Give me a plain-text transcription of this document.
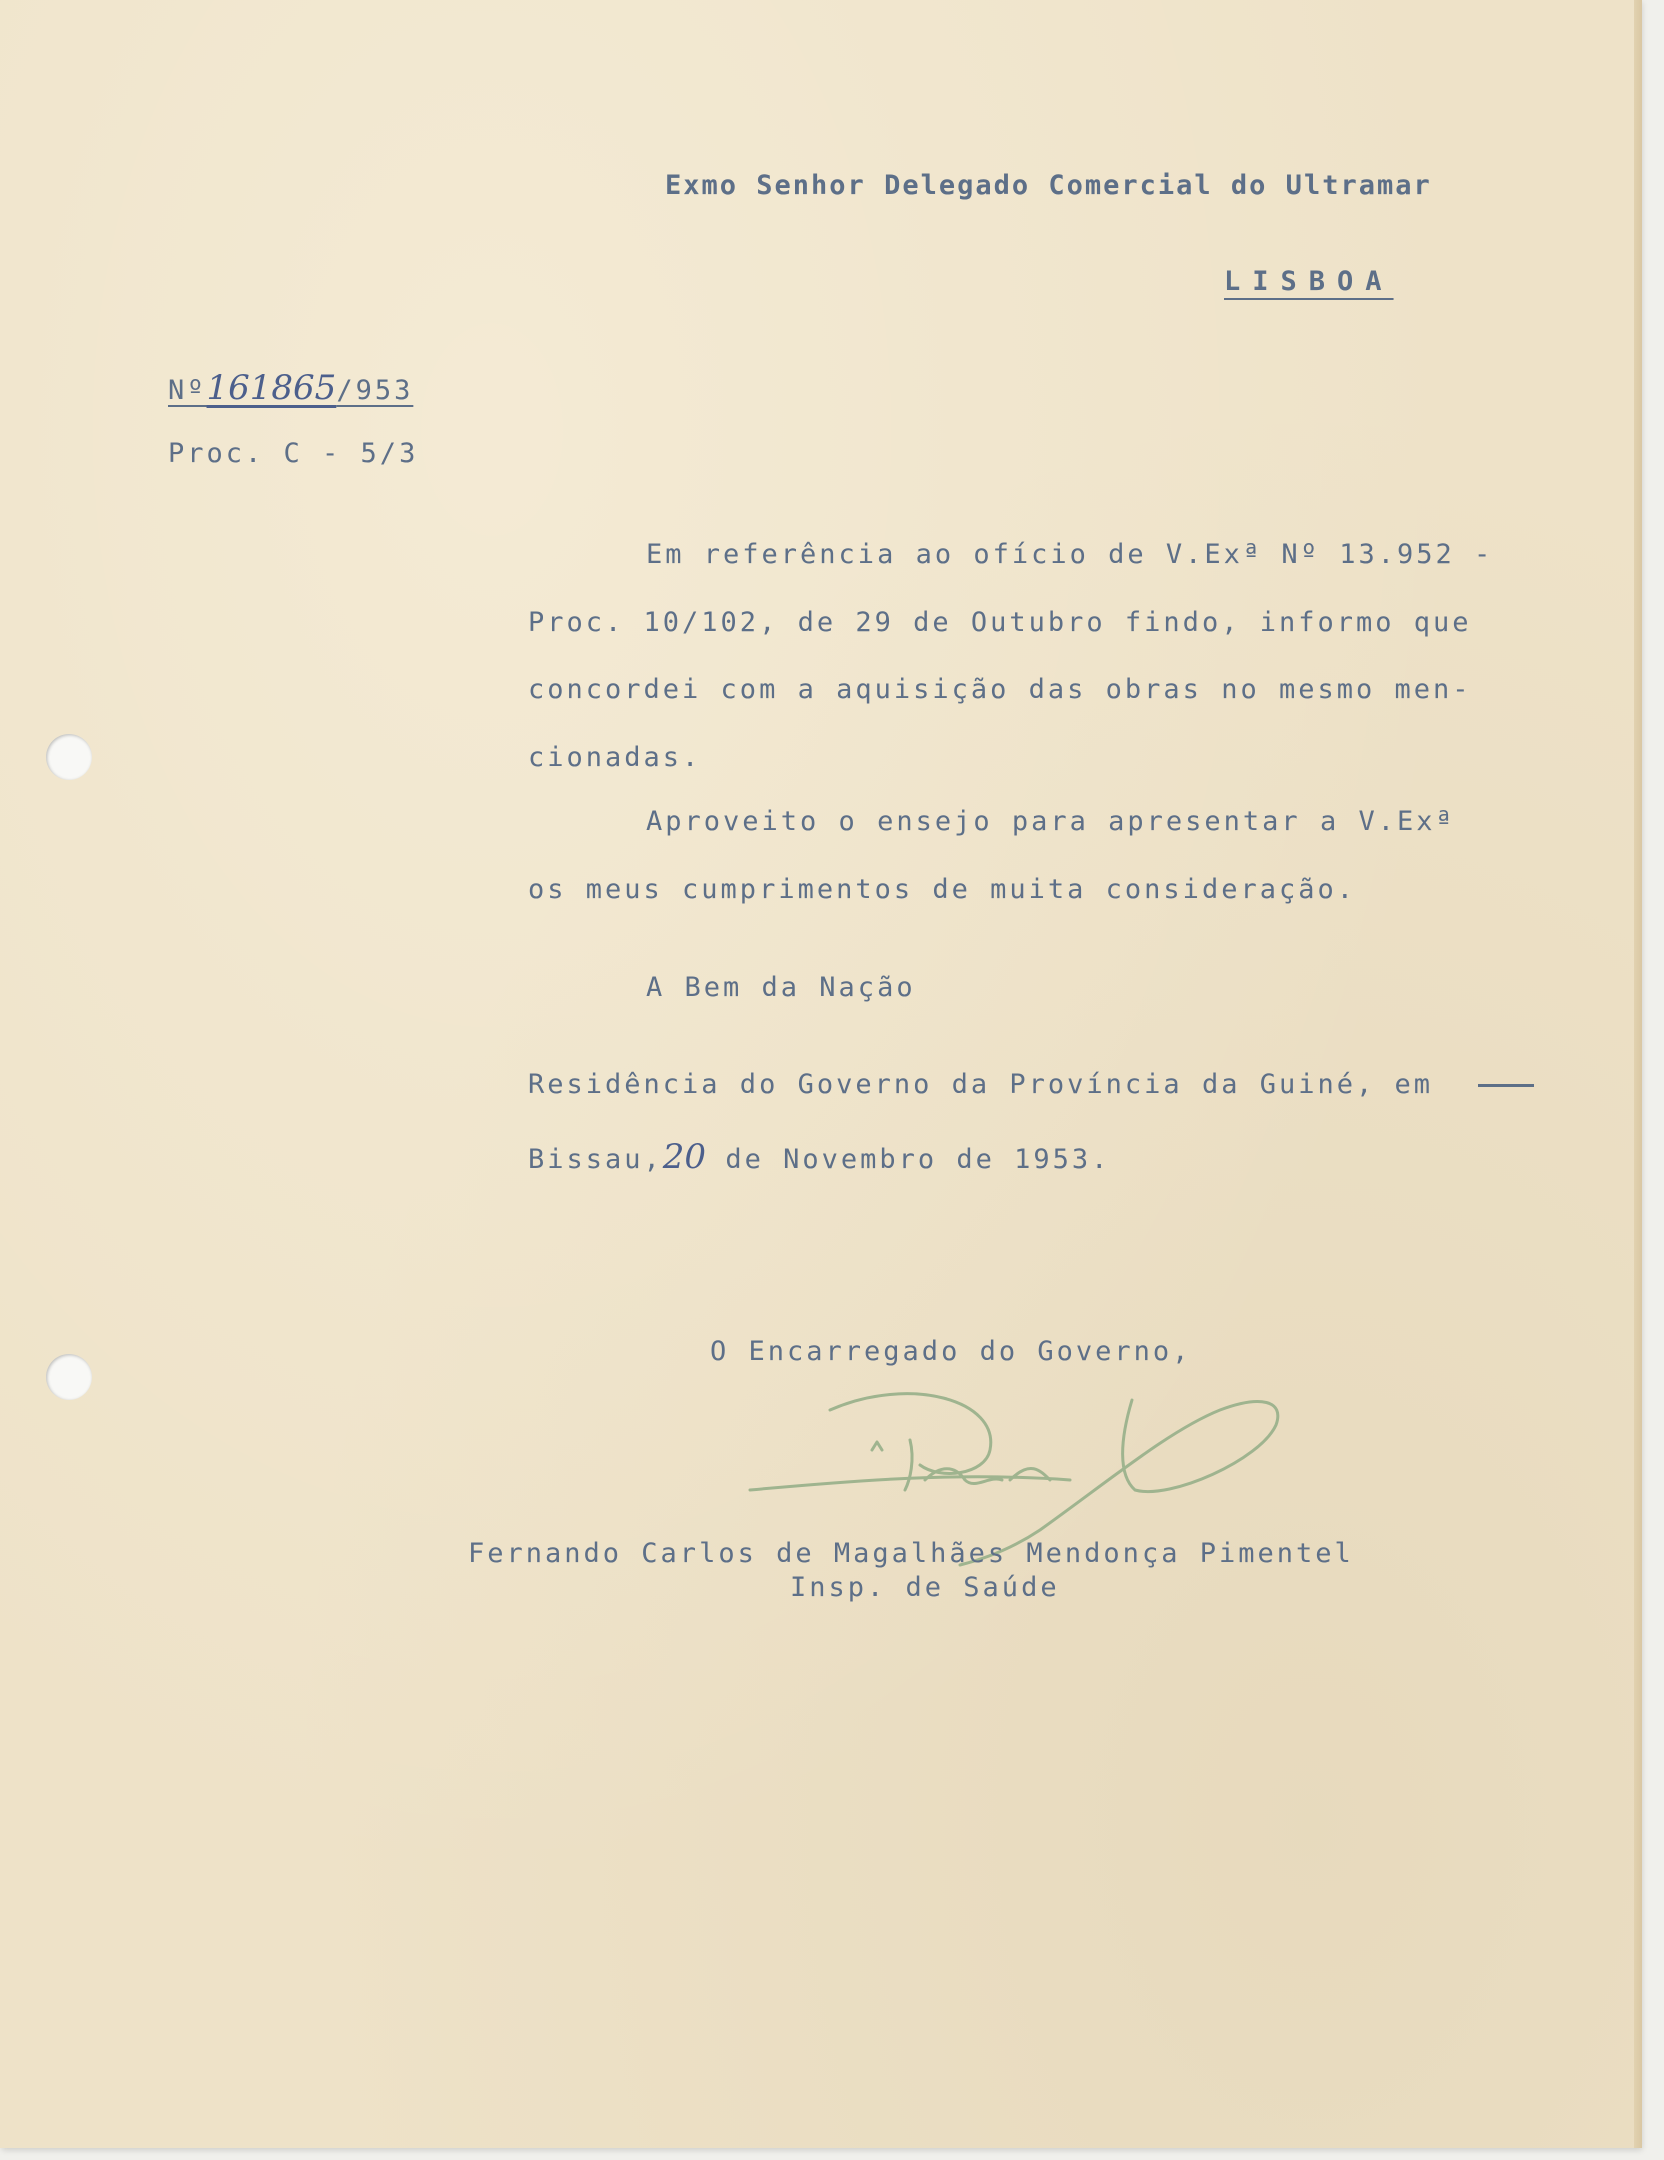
Exmo Senhor Delegado Comercial do Ultramar
LISBOA
Nº161865/953
Proc. C - 5/3
Em referência ao ofício de V.Exª Nº 13.952 -
Proc. 10/102, de 29 de Outubro findo, informo que
concordei com a aquisição das obras no mesmo men-
cionadas.
Aproveito o ensejo para apresentar a V.Exª
os meus cumprimentos de muita consideração.
A Bem da Nação
Residência do Governo da Província da Guiné, em
Bissau,20 de Novembro de 1953.
O Encarregado do Governo,
Fernando Carlos de Magalhães Mendonça Pimentel
Insp. de Saúde
